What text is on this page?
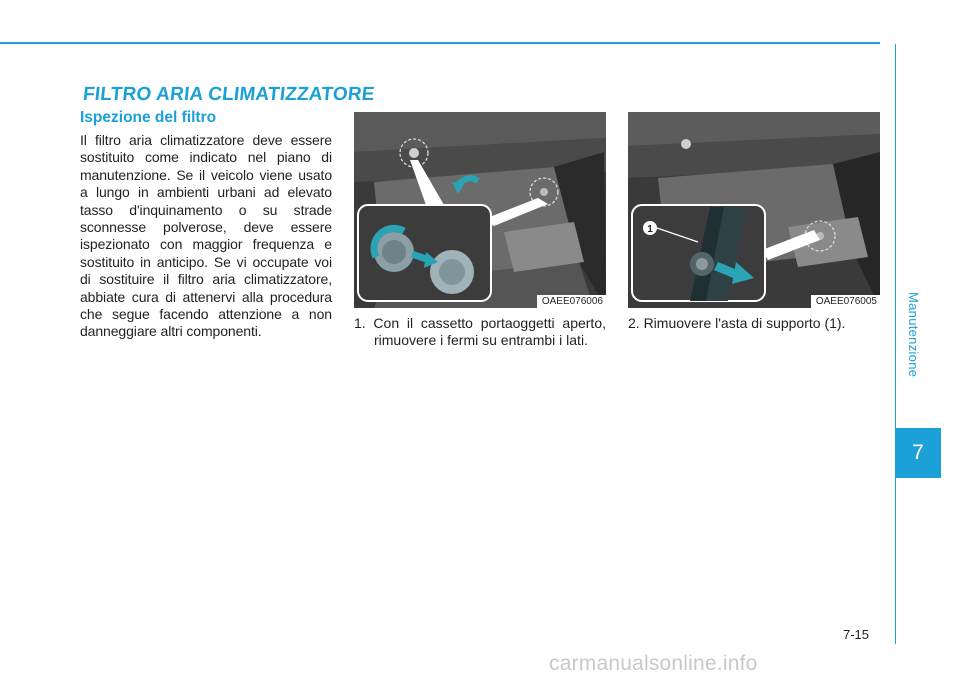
FILTRO ARIA CLIMATIZZATORE
Ispezione del filtro

Il filtro aria climatizzatore deve essere sostituito come indicato nel piano di manutenzione. Se il veicolo viene usato a lungo in ambienti urbani ad elevato tasso d'inquinamento o su strade sconnesse polverose, deve essere ispezionato con maggior frequenza e sostituito in anticipo. Se vi occupate voi di sostituire il filtro aria climatizzatore, abbiate cura di attenervi alla procedura che segue facendo attenzione a non danneggiare altri componenti.

OAEE076006
1
OAEE076005

1. Con il cassetto portaoggetti aperto, rimuovere i fermi su entrambi i lati.

2. Rimuovere l'asta di supporto (1).	Manutenzione
7
7-15
carmanualsonline.info
